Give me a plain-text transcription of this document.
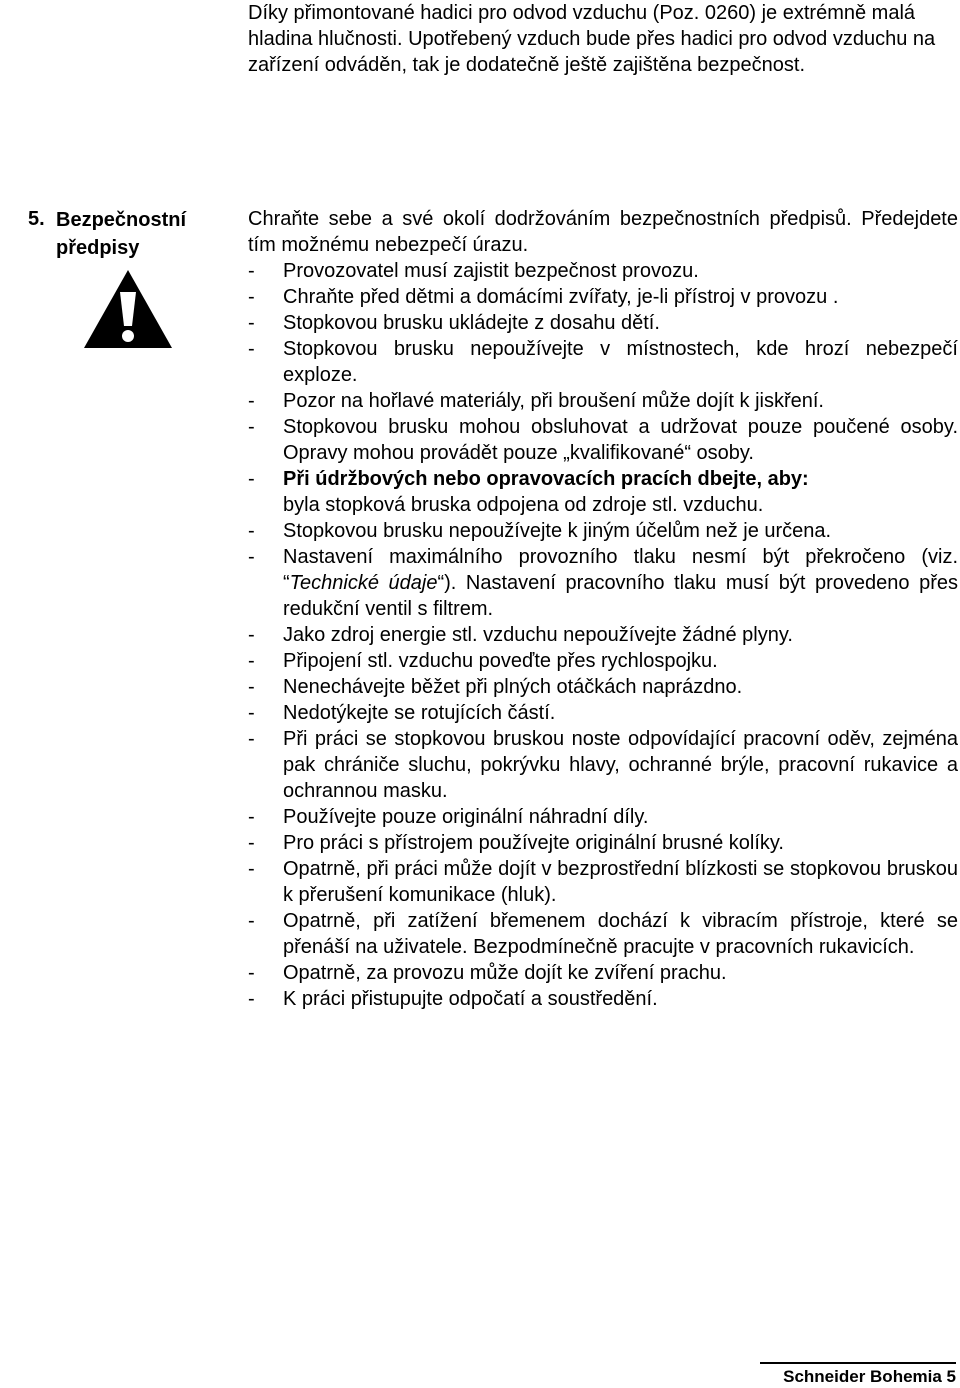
Díky přimontované hadici pro odvod vzduchu (Poz. 0260) je extrémně malá hladina hlučnosti. Upotřebený vzduch bude přes hadici pro odvod vzduchu na zařízení odváděn, tak je dodatečně ještě zajištěna bezpečnost.
5. Bezpečnostní
předpisy

Chraňte sebe a své okolí dodržováním bezpečnostních předpisů. Předejdete tím možnému nebezpečí úrazu.

- Provozovatel musí zajistit bezpečnost provozu.
- Chraňte před dětmi a domácími zvířaty, je-li přístroj v provozu .
- Stopkovou brusku ukládejte z dosahu dětí.
- Stopkovou brusku nepoužívejte v místnostech, kde hrozí nebezpečí exploze.
- Pozor na hořlavé materiály, při broušení může dojít k jiskření.
- Stopkovou brusku mohou obsluhovat a udržovat pouze poučené osoby. Opravy mohou provádět pouze „kvalifikované“ osoby.
- Při údržbových nebo opravovacích pracích dbejte, aby:
byla stopková bruska odpojena od zdroje stl. vzduchu.
- Stopkovou brusku nepoužívejte k jiným účelům než je určena.
- Nastavení maximálního provozního tlaku nesmí být překročeno (viz. “Technické údaje“). Nastavení pracovního tlaku musí být provedeno přes redukční ventil s filtrem.
- Jako zdroj energie stl. vzduchu nepoužívejte žádné plyny.
- Připojení stl. vzduchu poveďte přes rychlospojku.
- Nenechávejte běžet při plných otáčkách naprázdno.
- Nedotýkejte se rotujících částí.
- Při práci se stopkovou bruskou noste odpovídající pracovní oděv, zejména pak chrániče sluchu, pokrývku hlavy, ochranné brýle, pracovní rukavice a ochrannou masku.
- Používejte pouze originální náhradní díly.
- Pro práci s přístrojem používejte originální brusné kolíky.
- Opatrně, při práci může dojít v bezprostřední blízkosti se stopkovou bruskou k přerušení komunikace (hluk).
- Opatrně, při zatížení břemenem dochází k vibracím přístroje, které se přenáší na uživatele. Bezpodmínečně pracujte v pracovních rukavicích.
- Opatrně, za provozu může dojít ke zvíření prachu.
- K práci přistupujte odpočatí a soustředění.
Schneider Bohemia 5
